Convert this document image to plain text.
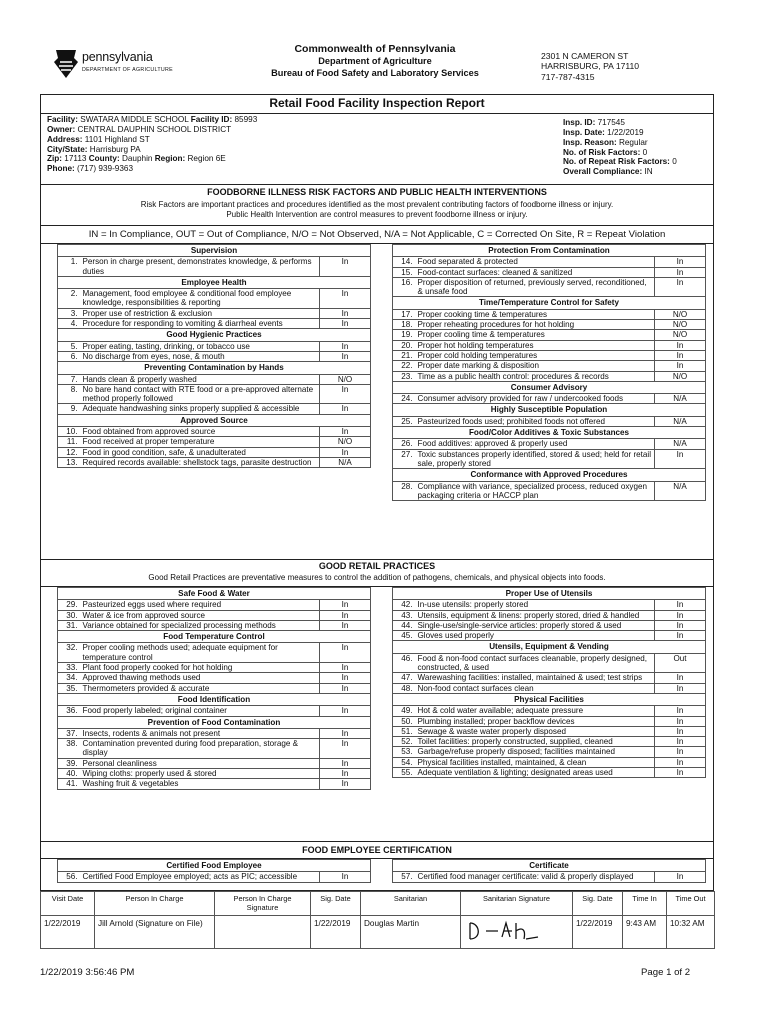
pennsylvania
DEPARTMENT OF AGRICULTURE
Commonwealth of Pennsylvania
Department of Agriculture
Bureau of Food Safety and Laboratory Services
2301 N CAMERON ST
HARRISBURG, PA 17110
717-787-4315
Retail Food Facility Inspection Report
Facility: SWATARA MIDDLE SCHOOL Facility ID: 85993
Owner: CENTRAL DAUPHIN SCHOOL DISTRICT
Address: 1101 Highland ST
City/State: Harrisburg PA
Zip: 17113 County: Dauphin Region: Region 6E
Phone: (717) 939-9363
Insp. ID: 717545
Insp. Date: 1/22/2019
Insp. Reason: Regular
No. of Risk Factors: 0
No. of Repeat Risk Factors: 0
Overall Compliance: IN
FOODBORNE ILLNESS RISK FACTORS AND PUBLIC HEALTH INTERVENTIONS
Risk Factors are important practices and procedures identified as the most prevalent contributing factors of foodborne illness or injury.
Public Health Intervention are control measures to prevent foodborne illness or injury.
IN = In Compliance, OUT = Out of Compliance, N/O = Not Observed, N/A = Not Applicable, C = Corrected On Site, R = Repeat Violation
Supervision		
1.	Person in charge present, demonstrates knowledge, & performs duties	In
Employee Health		
2.	Management, food employee & conditional food employee knowledge, responsibilities & reporting	In
3.	Proper use of restriction & exclusion	In
4.	Procedure for responding to vomiting & diarrheal events	In
Good Hygienic Practices		
5.	Proper eating, tasting, drinking, or tobacco use	In
6.	No discharge from eyes, nose, & mouth	In
Preventing Contamination by Hands		
7.	Hands clean & properly washed	N/O
8.	No bare hand contact with RTE food or a pre-approved alternate method properly followed	In
9.	Adequate handwashing sinks properly supplied & accessible	In
Approved Source		
10.	Food obtained from approved source	In
11.	Food received at proper temperature	N/O
12.	Food in good condition, safe, & unadulterated	In
13.	Required records available: shellstock tags, parasite destruction	N/A
Protection From Contamination		
14.	Food separated & protected	In
15.	Food-contact surfaces: cleaned & sanitized	In
16.	Proper disposition of returned, previously served, reconditioned, & unsafe food	In
Time/Temperature Control for Safety		
17.	Proper cooking time & temperatures	N/O
18.	Proper reheating procedures for hot holding	N/O
19.	Proper cooling time & temperatures	N/O
20.	Proper hot holding temperatures	In
21.	Proper cold holding temperatures	In
22.	Proper date marking & disposition	In
23.	Time as a public health control: procedures & records	N/O
Consumer Advisory		
24.	Consumer advisory provided for raw / undercooked foods	N/A
Highly Susceptible Population		
25.	Pasteurized foods used; prohibited foods not offered	N/A
Food/Color Additives & Toxic Substances		
26.	Food additives: approved & properly used	N/A
27.	Toxic substances properly identified, stored & used; held for retail sale, properly stored	In
Conformance with Approved Procedures		
28.	Compliance with variance, specialized process, reduced oxygen packaging criteria or HACCP plan	N/A
GOOD RETAIL PRACTICES
Good Retail Practices are preventative measures to control the addition of pathogens, chemicals, and physical objects into foods.
Safe Food & Water		
29.	Pasteurized eggs used where required	In
30.	Water & ice from approved source	In
31.	Variance obtained for specialized processing methods	In
Food Temperature Control		
32.	Proper cooling methods used; adequate equipment for temperature control	In
33.	Plant food properly cooked for hot holding	In
34.	Approved thawing methods used	In
35.	Thermometers provided & accurate	In
Food Identification		
36.	Food properly labeled; original container	In
Prevention of Food Contamination		
37.	Insects, rodents & animals not present	In
38.	Contamination prevented during food preparation, storage & display	In
39.	Personal cleanliness	In
40.	Wiping cloths: properly used & stored	In
41.	Washing fruit & vegetables	In
Proper Use of Utensils		
42.	In-use utensils: properly stored	In
43.	Utensils, equipment & linens: properly stored, dried & handled	In
44.	Single-use/single-service articles: properly stored & used	In
45.	Gloves used properly	In
Utensils, Equipment & Vending		
46.	Food & non-food contact surfaces cleanable, properly designed, constructed, & used	Out
47.	Warewashing facilities: installed, maintained & used; test strips	In
48.	Non-food contact surfaces clean	In
Physical Facilities		
49.	Hot & cold water available; adequate pressure	In
50.	Plumbing installed; proper backflow devices	In
51.	Sewage & waste water properly disposed	In
52.	Toilet facilities: properly constructed, supplied, cleaned	In
53.	Garbage/refuse properly disposed; facilities maintained	In
54.	Physical facilities installed, maintained, & clean	In
55.	Adequate ventilation & lighting; designated areas used	In
FOOD EMPLOYEE CERTIFICATION
Certified Food Employee
56.	Certified Food Employee employed; acts as PIC; accessible	In
Certificate
57.	Certified food manager certificate: valid & properly displayed	In
Visit Date	Person In Charge	Person In Charge Signature	Sig. Date	Sanitarian	Sanitarian Signature	Sig. Date	Time In	Time Out
1/22/2019	Jill Arnold (Signature on File)		1/22/2019	Douglas Martin		1/22/2019	9:43 AM	10:32 AM
1/22/2019 3:56:46 PM	Page 1 of 2
